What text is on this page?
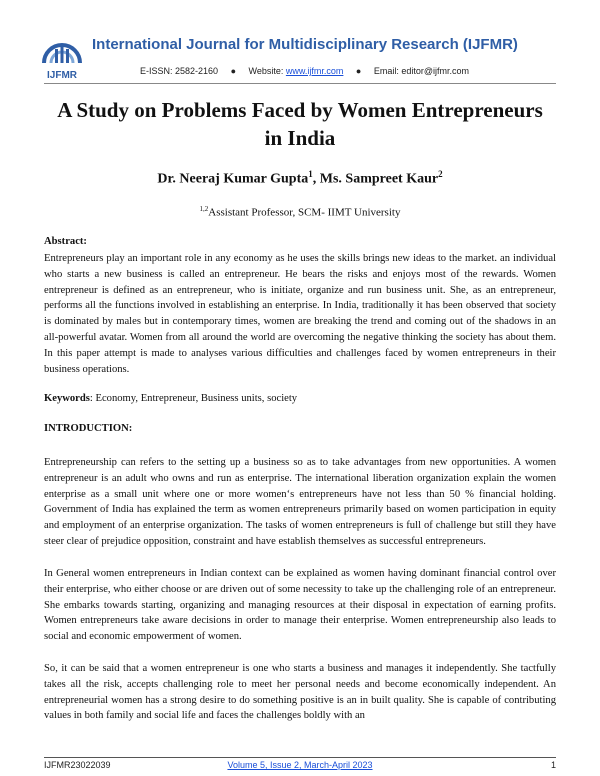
IJFMR
International Journal for Multidisciplinary Research (IJFMR)
E-ISSN: 2582-2160 ● Website: www.ijfmr.com ● Email: editor@ijfmr.com
A Study on Problems Faced by Women Entrepreneurs
in India
Dr. Neeraj Kumar Gupta$^1$, Ms. Sampreet Kaur$^2$
$^{1,2}$Assistant Professor, SCM- IIMT University
Abstract:
Entrepreneurs play an important role in any economy as he uses the skills brings new ideas to the market. an individual who starts a new business is called an entrepreneur. He bears the risks and enjoys most of the rewards. Women entrepreneur is defined as an entrepreneur, who is initiate, organize and run business unit. She, as an entrepreneur, performs all the functions involved in establishing an enterprise. In India, traditionally it has been observed that society is dominated by males but in contemporary times, women are breaking the trend and coming out of the shadows in an all-powerful avatar. Women from all around the world are overcoming the negative thinking the society has about them. In this paper attempt is made to analyses various difficulties and challenges faced by women entrepreneurs in their business operations.
Keywords: Economy, Entrepreneur, Business units, society
INTRODUCTION:
Entrepreneurship can refers to the setting up a business so as to take advantages from new opportunities. A women entrepreneur is an adult who owns and run as enterprise. The international liberation organization explain the women enterprise as a small unit where one or more women‘s entrepreneurs have not less than 50 % financial holding. Government of India has explained the term as women entrepreneurs primarily based on women participation in equity and employment of an enterprise organization. The tasks of women entrepreneurs is full of challenge but still they have steer clear of prejudice opposition, constraint and have establish themselves as successful entrepreneurs.
In General women entrepreneurs in Indian context can be explained as women having dominant financial control over their enterprise, who either choose or are driven out of some necessity to take up the challenging role of an entrepreneur. She embarks towards starting, organizing and managing resources at their disposal in expectation of earning profits. Women entrepreneurs take aware decisions in order to manage their enterprise. Women entrepreneurship also leads to social and economic empowerment of women.
So, it can be said that a women entrepreneur is one who starts a business and manages it independently. She tactfully takes all the risk, accepts challenging role to meet her personal needs and become economically independent. An entrepreneurial women has a strong desire to do something positive is an in built quality. She is capable of contributing values in both family and social life and faces the challenges boldly with an
IJFMR23022039	Volume 5, Issue 2, March-April 2023	1
